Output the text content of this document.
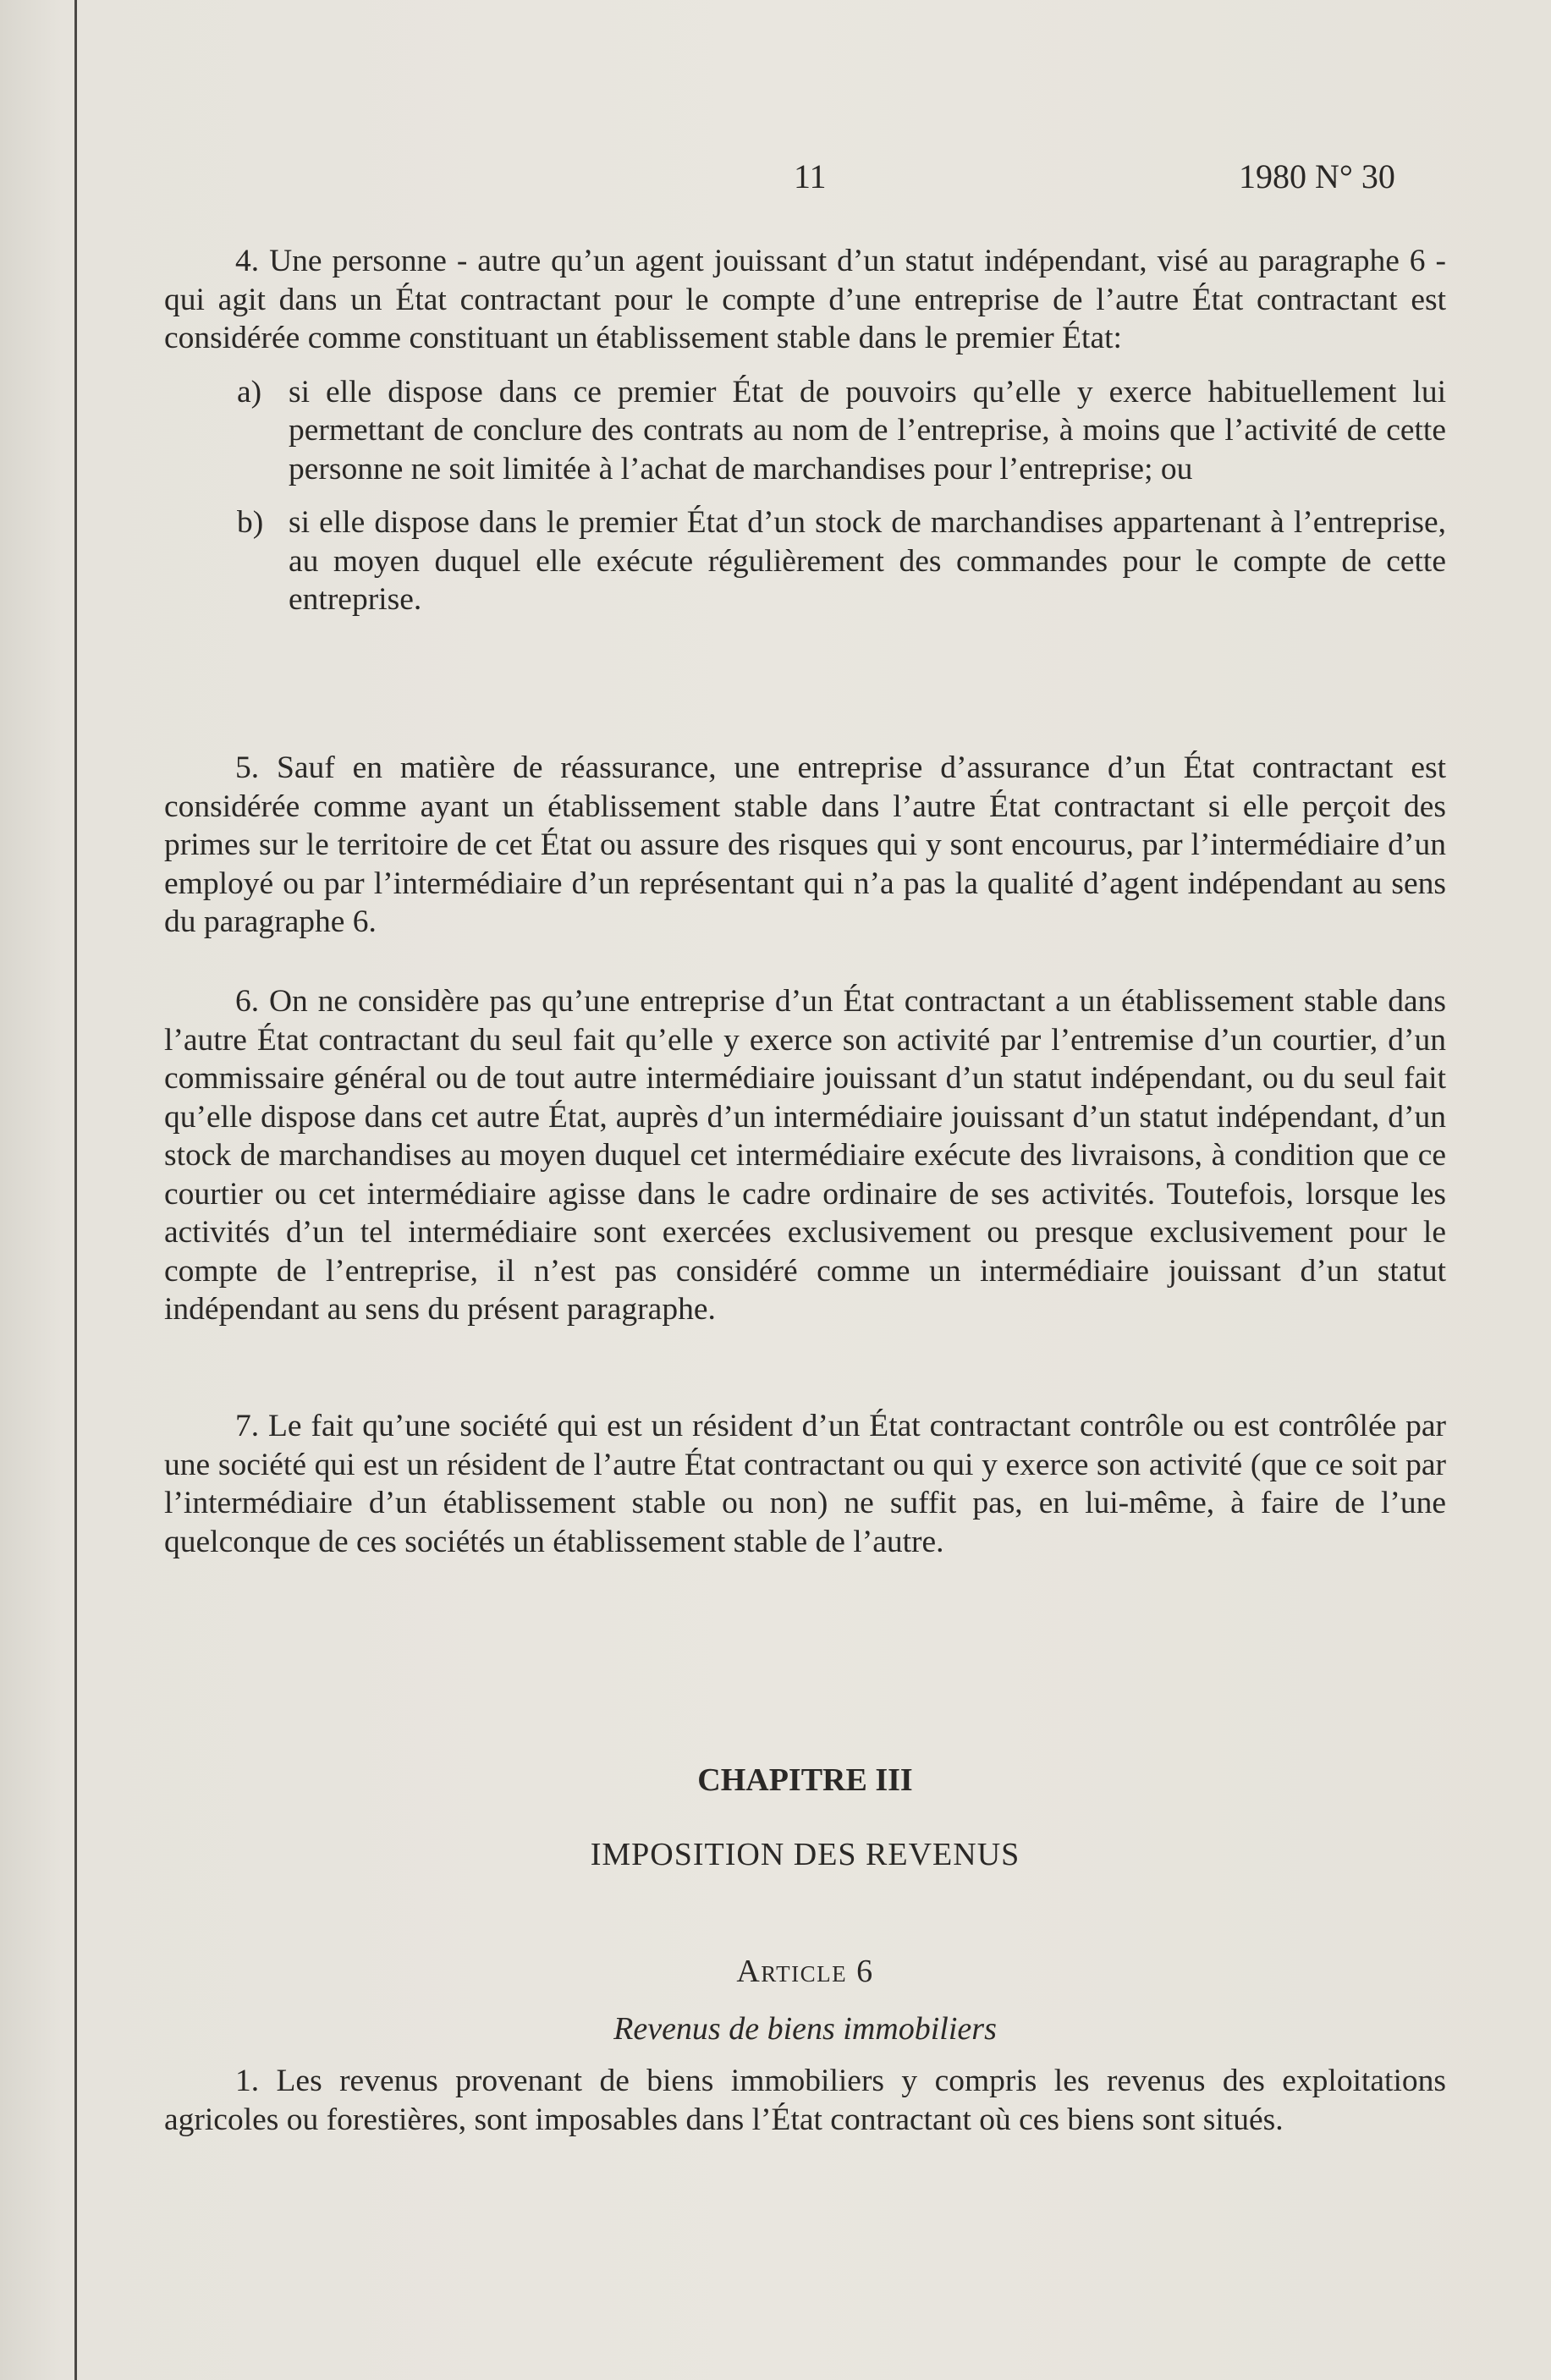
11	1980 N° 30

4. Une personne - autre qu’un agent jouissant d’un statut indépendant, visé au paragraphe 6 - qui agit dans un État contractant pour le compte d’une entreprise de l’autre État contractant est considérée comme constituant un établissement stable dans le premier État:

a) si elle dispose dans ce premier État de pouvoirs qu’elle y exerce habituellement lui permettant de conclure des contrats au nom de l’entreprise, à moins que l’activité de cette personne ne soit limitée à l’achat de marchandises pour l’entreprise; ou

b) si elle dispose dans le premier État d’un stock de marchandises appartenant à l’entreprise, au moyen duquel elle exécute régulièrement des commandes pour le compte de cette entreprise.

5. Sauf en matière de réassurance, une entreprise d’assurance d’un État contractant est considérée comme ayant un établissement stable dans l’autre État contractant si elle perçoit des primes sur le territoire de cet État ou assure des risques qui y sont encourus, par l’intermédiaire d’un employé ou par l’intermédiaire d’un représentant qui n’a pas la qualité d’agent indépendant au sens du paragraphe 6.

6. On ne considère pas qu’une entreprise d’un État contractant a un établissement stable dans l’autre État contractant du seul fait qu’elle y exerce son activité par l’entremise d’un courtier, d’un commissaire général ou de tout autre intermédiaire jouissant d’un statut indépendant, ou du seul fait qu’elle dispose dans cet autre État, auprès d’un intermédiaire jouissant d’un statut indépendant, d’un stock de marchandises au moyen duquel cet intermédiaire exécute des livraisons, à condition que ce courtier ou cet intermédiaire agisse dans le cadre ordinaire de ses activités. Toutefois, lorsque les activités d’un tel intermédiaire sont exercées exclusivement ou presque exclusivement pour le compte de l’entreprise, il n’est pas considéré comme un intermédiaire jouissant d’un statut indépendant au sens du présent paragraphe.

7. Le fait qu’une société qui est un résident d’un État contractant contrôle ou est contrôlée par une société qui est un résident de l’autre État contractant ou qui y exerce son activité (que ce soit par l’intermédiaire d’un établissement stable ou non) ne suffit pas, en lui-même, à faire de l’une quelconque de ces sociétés un établissement stable de l’autre.

CHAPITRE III
IMPOSITION DES REVENUS
Article 6
Revenus de biens immobiliers

1. Les revenus provenant de biens immobiliers y compris les revenus des exploitations agricoles ou forestières, sont imposables dans l’État contractant où ces biens sont situés.
